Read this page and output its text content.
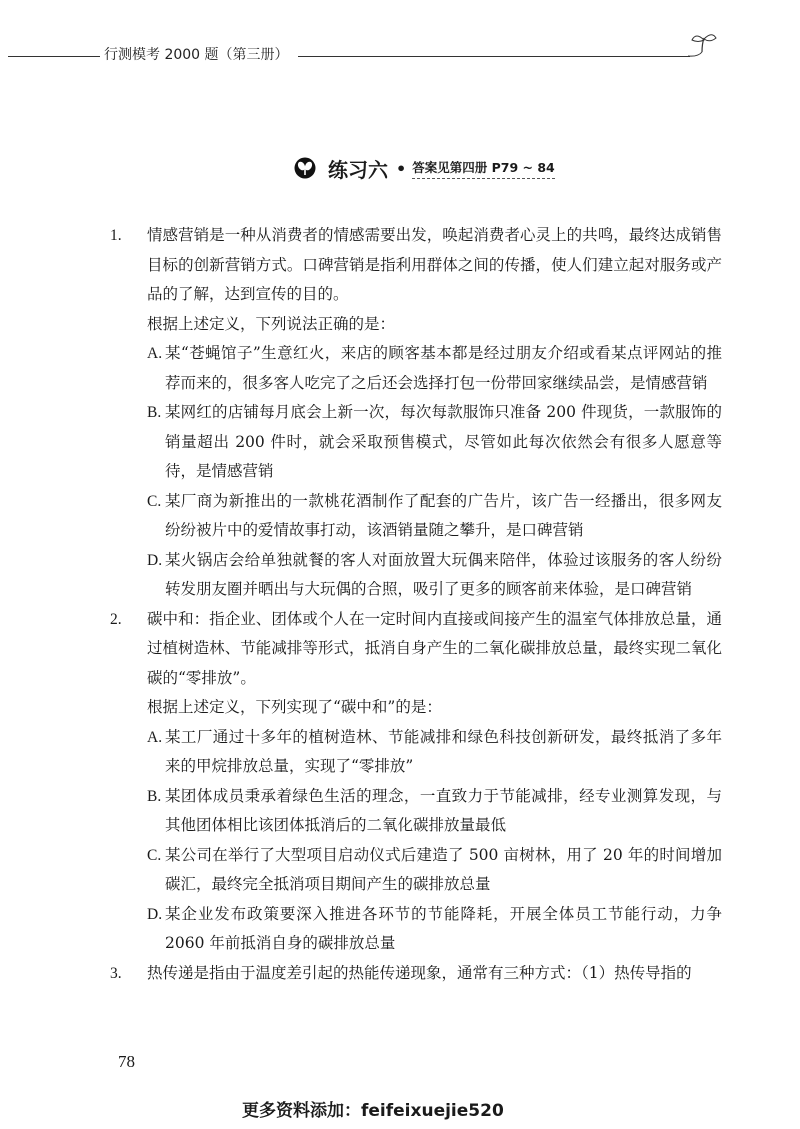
行测模考 2000 题（第三册）
练习六 • 答案见第四册 P79 ~ 84
1. 情感营销是一种从消费者的情感需要出发，唤起消费者心灵上的共鸣，最终达成销售目标的创新营销方式。口碑营销是指利用群体之间的传播，使人们建立起对服务或产品的了解，达到宣传的目的。
根据上述定义，下列说法正确的是：
A. 某“苍蝇馆子”生意红火，来店的顾客基本都是经过朋友介绍或看某点评网站的推荐而来的，很多客人吃完了之后还会选择打包一份带回家继续品尝，是情感营销
B. 某网红的店铺每月底会上新一次，每次每款服饰只准备 200 件现货，一款服饰的销量超出 200 件时，就会采取预售模式，尽管如此每次依然会有很多人愿意等待，是情感营销
C. 某厂商为新推出的一款桃花酒制作了配套的广告片，该广告一经播出，很多网友纷纷被片中的爱情故事打动，该酒销量随之攀升，是口碑营销
D. 某火锅店会给单独就餐的客人对面放置大玩偶来陪伴，体验过该服务的客人纷纷转发朋友圈并晒出与大玩偶的合照，吸引了更多的顾客前来体验，是口碑营销
2. 碳中和：指企业、团体或个人在一定时间内直接或间接产生的温室气体排放总量，通过植树造林、节能减排等形式，抵消自身产生的二氧化碳排放总量，最终实现二氧化碳的“零排放”。
根据上述定义，下列实现了“碳中和”的是：
A. 某工厂通过十多年的植树造林、节能减排和绿色科技创新研发，最终抵消了多年来的甲烷排放总量，实现了“零排放”
B. 某团体成员秉承着绿色生活的理念，一直致力于节能减排，经专业测算发现，与其他团体相比该团体抵消后的二氧化碳排放量最低
C. 某公司在举行了大型项目启动仪式后建造了 500 亩树林，用了 20 年的时间增加碳汇，最终完全抵消项目期间产生的碳排放总量
D. 某企业发布政策要深入推进各环节的节能降耗，开展全体员工节能行动，力争 2060 年前抵消自身的碳排放总量
3. 热传递是指由于温度差引起的热能传递现象，通常有三种方式：（1）热传导指的
78
更多资料添加：feifeixuejie520
